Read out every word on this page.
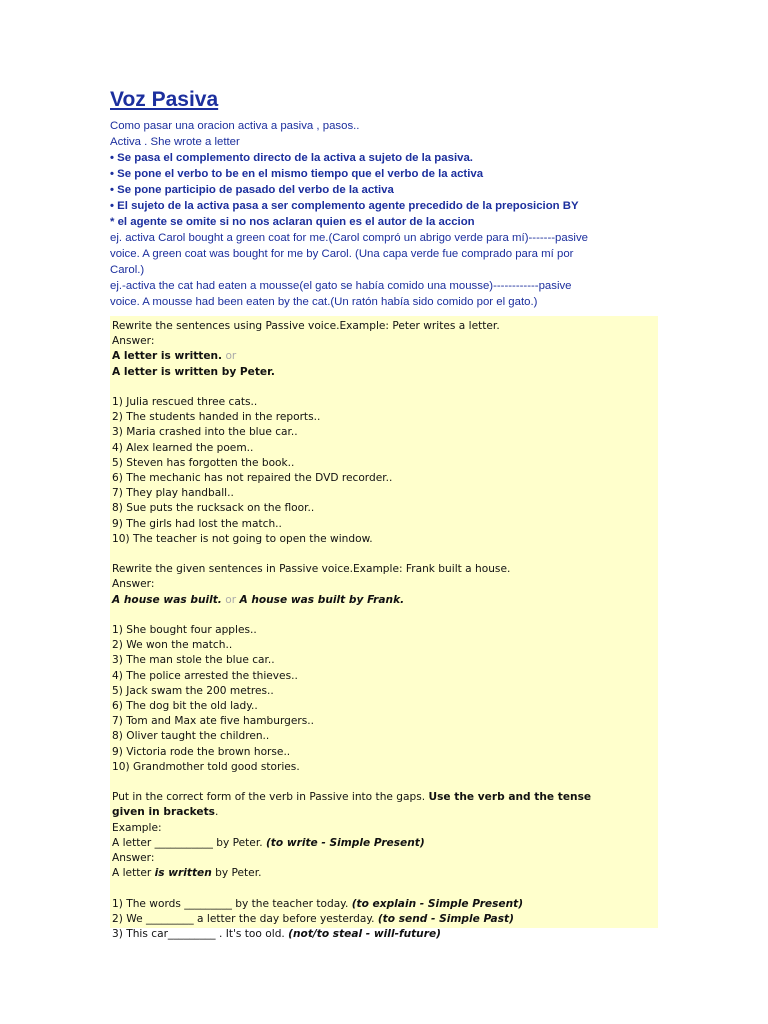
Voz Pasiva
Como pasar una oracion activa a pasiva , pasos..
Activa . She wrote a letter
• Se pasa el complemento directo de la activa a sujeto de la pasiva.
• Se pone el verbo to be en el mismo tiempo que el verbo de la activa
• Se pone participio de pasado del verbo de la activa
• El sujeto de la activa pasa a ser complemento agente precedido de la preposicion BY
* el agente se omite si no nos aclaran quien es el autor de la accion
ej. activa Carol bought a green coat for me.(Carol compró un abrigo verde para mí)-------pasive
voice. A green coat was bought for me by Carol. (Una capa verde fue comprado para mí por
Carol.)
ej.-activa the cat had eaten a mousse(el gato se había comido una mousse)------------pasive
voice. A mousse had been eaten by the cat.(Un ratón había sido comido por el gato.)
Rewrite the sentences using Passive voice.Example: Peter writes a letter.
Answer:
A letter is written. or
A letter is written by Peter.
1) Julia rescued three cats..
2) The students handed in the reports..
3) Maria crashed into the blue car..
4) Alex learned the poem..
5) Steven has forgotten the book..
6) The mechanic has not repaired the DVD recorder..
7) They play handball..
8) Sue puts the rucksack on the floor..
9) The girls had lost the match..
10) The teacher is not going to open the window.
Rewrite the given sentences in Passive voice.Example: Frank built a house.
Answer:
A house was built. or A house was built by Frank.
1) She bought four apples..
2) We won the match..
3) The man stole the blue car..
4) The police arrested the thieves..
5) Jack swam the 200 metres..
6) The dog bit the old lady..
7) Tom and Max ate five hamburgers..
8) Oliver taught the children..
9) Victoria rode the brown horse..
10) Grandmother told good stories.
Put in the correct form of the verb in Passive into the gaps. Use the verb and the tense
given in brackets.
Example:
A letter ___________ by Peter. (to write - Simple Present)
Answer:
A letter is written by Peter.
1) The words _________ by the teacher today. (to explain - Simple Present)
2) We _________ a letter the day before yesterday. (to send - Simple Past)
3) This car_________ . It's too old. (not/to steal - will-future)
